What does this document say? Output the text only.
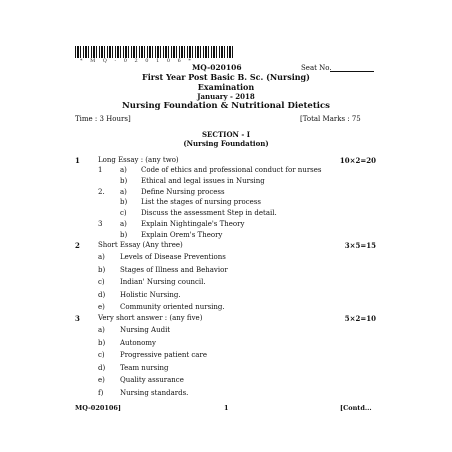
* M Q - 0 2 0 1 0 6 *
MQ-020106	Seat No.
First Year Post Basic B. Sc. (Nursing)
Examination
January - 2018
Nursing Foundation & Nutritional Dietetics
Time : 3 Hours]	[Total Marks : 75
SECTION - I
(Nursing Foundation)
1	Long Essay : (any two)	10×2=20
1	a) Code of ethics and professional conduct for nurses
b) Ethical and legal issues in Nursing
2. a) Define Nursing process
b) List the stages of nursing process
c) Discuss the assessment Step in detail.
3	a) Explain Nightingale's Theory
b) Explain Orem's Theory
2	Short Essay (Any three)	3×5=15
a) Levels of Disease Preventions
b) Stages of Illness and Behavior
c) Indian' Nursing council.
d) Holistic Nursing.
e) Community oriented nursing.
3	Very short answer : (any five)	5×2=10
a) Nursing Audit
b) Autonomy
c) Progressive patient care
d) Team nursing
e) Quality assurance
f) Nursing standards.
MQ-020106]	1	[Contd...
